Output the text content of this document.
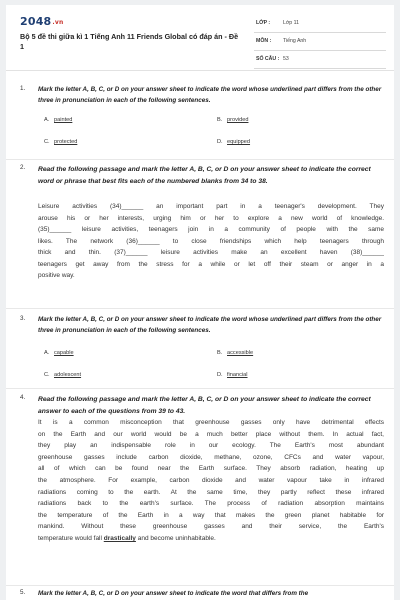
2048.vn
Bộ 5 đề thi giữa kì 1 Tiếng Anh 11 Friends Global có đáp án - Đề 1
LỚP : Lớp 11
MÔN : Tiếng Anh
SỐ CÂU : 53
1. Mark the letter A, B, C, or D on your answer sheet to indicate the word whose underlined part differs from the other three in pronunciation in each of the following sentences.
A. painted	B. provided
C. protected	D. equipped
2. Read the following passage and mark the letter A, B, C, or D on your answer sheet to indicate the correct word or phrase that best fits each of the numbered blanks from 34 to 38.
Leisure activities (34)______ an important part in a teenager's development. They
arouse his or her interests, urging him or her to explore a new world of knowledge.
(35)______ leisure activities, teenagers join in a community of people with the same
likes. The network (36)______ to close friendships which help teenagers through
thick and thin. (37)______ leisure activities make an excellent haven (38)______
teenagers get away from the stress for a while or let off their steam or anger in a
positive way.
3. Mark the letter A, B, C, or D on your answer sheet to indicate the word whose underlined part differs from the other three in pronunciation in each of the following sentences.
A. capable	B. accessible
C. adolescent	D. financial
4. Read the following passage and mark the letter A, B, C, or D on your answer sheet to indicate the correct answer to each of the questions from 39 to 43.
It is a common misconception that greenhouse gasses only have detrimental effects
on the Earth and our world would be a much better place without them. In actual fact,
they play an indispensable role in our ecology. The Earth's most abundant
greenhouse gasses include carbon dioxide, methane, ozone, CFCs and water vapour,
all of which can be found near the Earth surface. They absorb radiation, heating up
the atmosphere. For example, carbon dioxide and water vapour take in infrared
radiations coming to the earth. At the same time, they partly reflect these infrared
radiations back to the earth's surface. The process of radiation absorption maintains
the temperature of the Earth in a way that makes the green planet habitable for
mankind. Without these greenhouse gasses and their service, the Earth's
temperature would fall drastically and become uninhabitable.
5. Mark the letter A, B, C, or D on your answer sheet to indicate the word that differs from the
